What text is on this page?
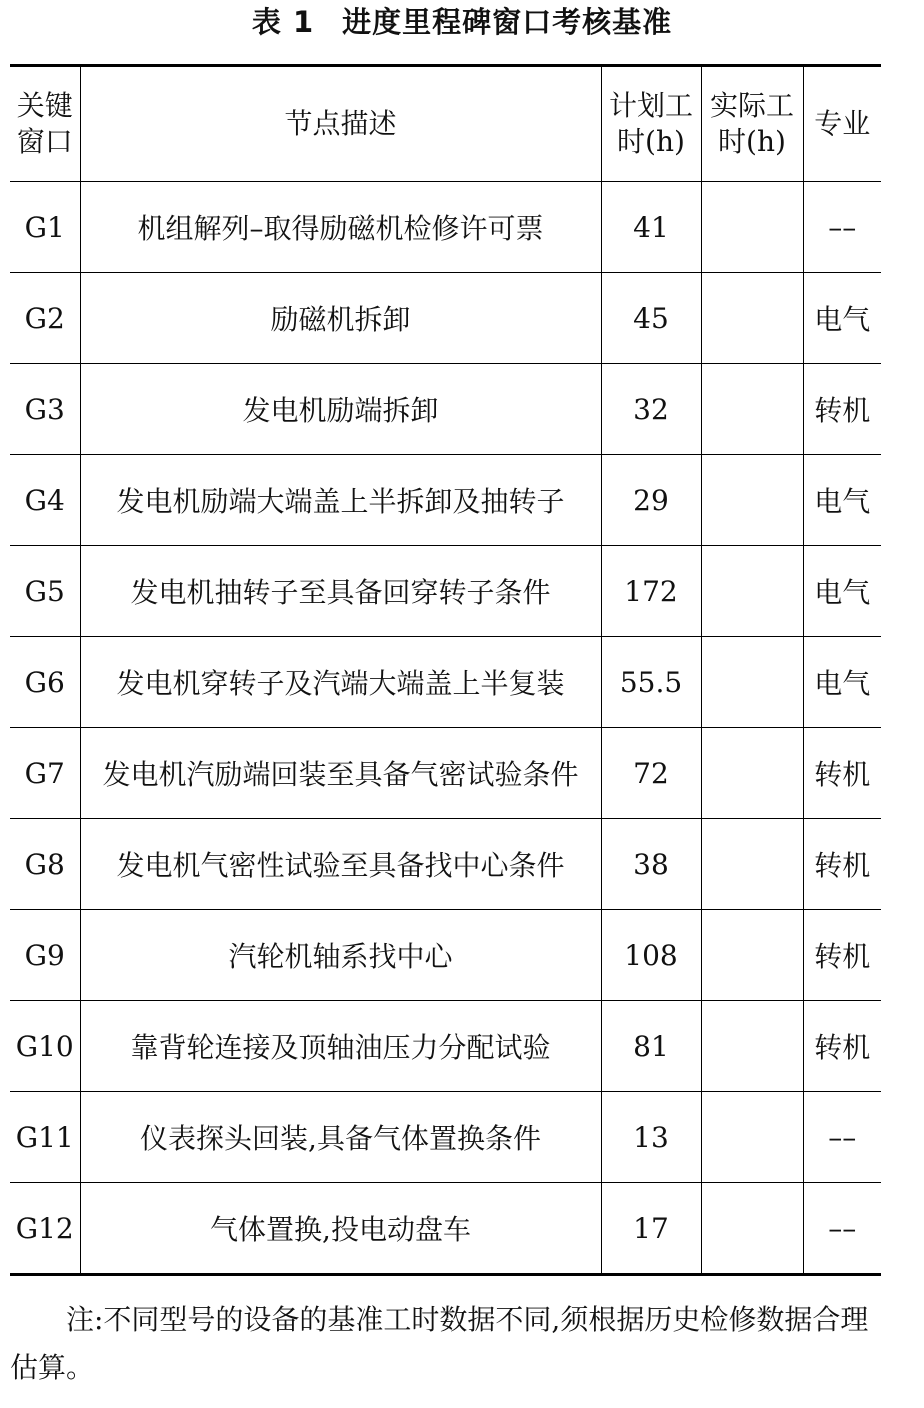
表 1 进度里程碑窗口考核基准
关键窗口	节点描述	计划工时(h)	实际工时(h)	专业
G1	机组解列–取得励磁机检修许可票	41		––
G2	励磁机拆卸	45		电气
G3	发电机励端拆卸	32		转机
G4	发电机励端大端盖上半拆卸及抽转子	29		电气
G5	发电机抽转子至具备回穿转子条件	172		电气
G6	发电机穿转子及汽端大端盖上半复装	55.5		电气
G7	发电机汽励端回装至具备气密试验条件	72		转机
G8	发电机气密性试验至具备找中心条件	38		转机
G9	汽轮机轴系找中心	108		转机
G10	靠背轮连接及顶轴油压力分配试验	81		转机
G11	仪表探头回装,具备气体置换条件	13		––
G12	气体置换,投电动盘车	17		––
注:不同型号的设备的基准工时数据不同,须根据历史检修数据合理估算。
